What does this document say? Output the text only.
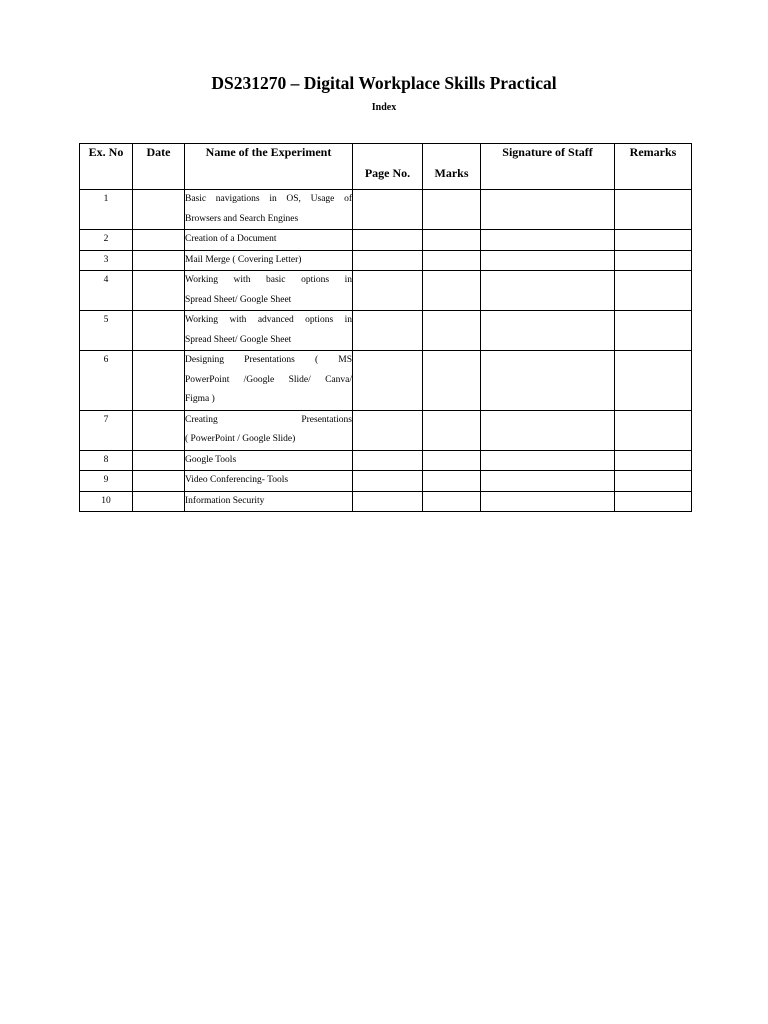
DS231270 – Digital Workplace Skills Practical
Index
Ex. No	Date	Name of the Experiment	Page No.	Marks	Signature of Staff	Remarks

1		Basic navigations in OS, Usage of
Browsers and Search Engines				

2		Creation of a Document				

3		Mail Merge ( Covering Letter)				

4		Working with basic options in
Spread Sheet/ Google Sheet				

5		Working with advanced options in
Spread Sheet/ Google Sheet				

6		Designing Presentations ( MS
PowerPoint /Google Slide/ Canva/
Figma )				

7		Creating Presentations
( PowerPoint / Google Slide)				

8		Google Tools				

9		Video Conferencing- Tools				

10		Information Security				
